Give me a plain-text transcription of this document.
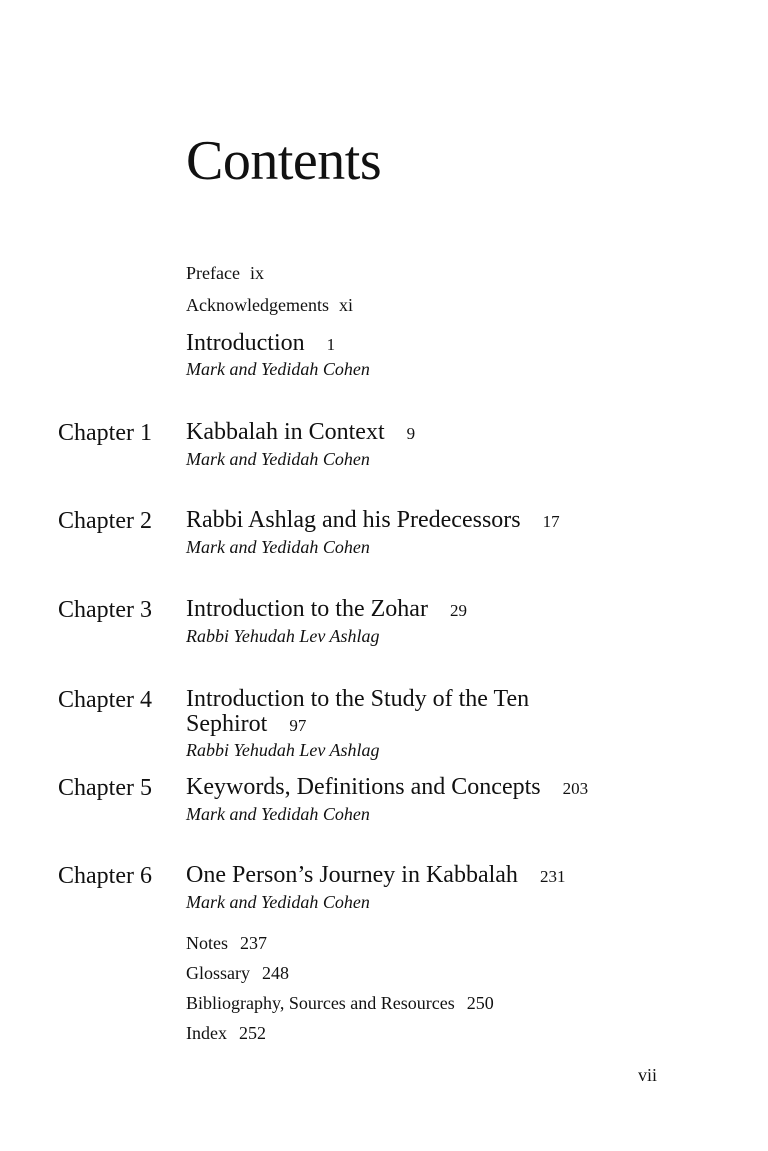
Contents
Preface ix
Acknowledgements xi
Introduction 1
Mark and Yedidah Cohen
Chapter 1 Kabbalah in Context 9
Mark and Yedidah Cohen
Chapter 2 Rabbi Ashlag and his Predecessors 17
Mark and Yedidah Cohen
Chapter 3 Introduction to the Zohar 29
Rabbi Yehudah Lev Ashlag
Chapter 4 Introduction to the Study of the Ten
Sephirot 97
Rabbi Yehudah Lev Ashlag
Chapter 5 Keywords, Definitions and Concepts 203
Mark and Yedidah Cohen
Chapter 6 One Person’s Journey in Kabbalah 231
Mark and Yedidah Cohen
Notes 237
Glossary 248
Bibliography, Sources and Resources 250
Index 252
vii
